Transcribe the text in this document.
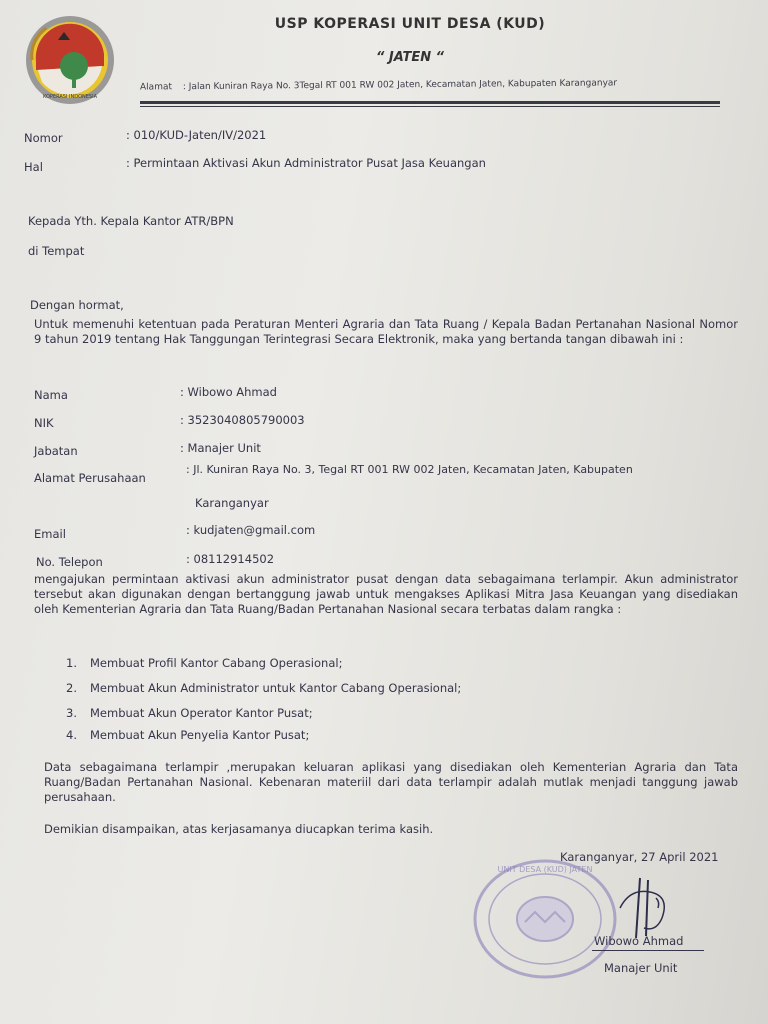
KOPERASI INDONESIA
USP KOPERASI UNIT DESA (KUD)
“ JATEN “
Alamat : Jalan Kuniran Raya No. 3Tegal RT 001 RW 002 Jaten, Kecamatan Jaten, Kabupaten Karanganyar
Nomor	: 010/KUD-Jaten/IV/2021
Hal	: Permintaan Aktivasi Akun Administrator Pusat Jasa Keuangan
Kepada Yth. Kepala Kantor ATR/BPN
di Tempat
Dengan hormat,
Untuk memenuhi ketentuan pada Peraturan Menteri Agraria dan Tata Ruang / Kepala Badan Pertanahan Nasional Nomor 9 tahun 2019 tentang Hak Tanggungan Terintegrasi Secara Elektronik, maka yang bertanda tangan dibawah ini :
Nama	: Wibowo Ahmad
NIK	: 3523040805790003
Jabatan	: Manajer Unit
Alamat Perusahaan
: Jl. Kuniran Raya No. 3, Tegal RT 001 RW 002 Jaten, Kecamatan Jaten, Kabupaten
Karanganyar
Email	: kudjaten@gmail.com
No. Telepon	: 08112914502
mengajukan permintaan aktivasi akun administrator pusat dengan data sebagaimana terlampir. Akun administrator tersebut akan digunakan dengan bertanggung jawab untuk mengakses Aplikasi Mitra Jasa Keuangan yang disediakan oleh Kementerian Agraria dan Tata Ruang/Badan Pertanahan Nasional secara terbatas dalam rangka :
1. Membuat Profil Kantor Cabang Operasional;
2. Membuat Akun Administrator untuk Kantor Cabang Operasional;
3. Membuat Akun Operator Kantor Pusat;
4. Membuat Akun Penyelia Kantor Pusat;
Data sebagaimana terlampir ,merupakan keluaran aplikasi yang disediakan oleh Kementerian Agraria dan Tata Ruang/Badan Pertanahan Nasional. Kebenaran materiil dari data terlampir adalah mutlak menjadi tanggung jawab perusahaan.
Demikian disampaikan, atas kerjasamanya diucapkan terima kasih.
Karanganyar, 27 April 2021
UNIT DESA (KUD) JATEN
Wibowo Ahmad
Manajer Unit
